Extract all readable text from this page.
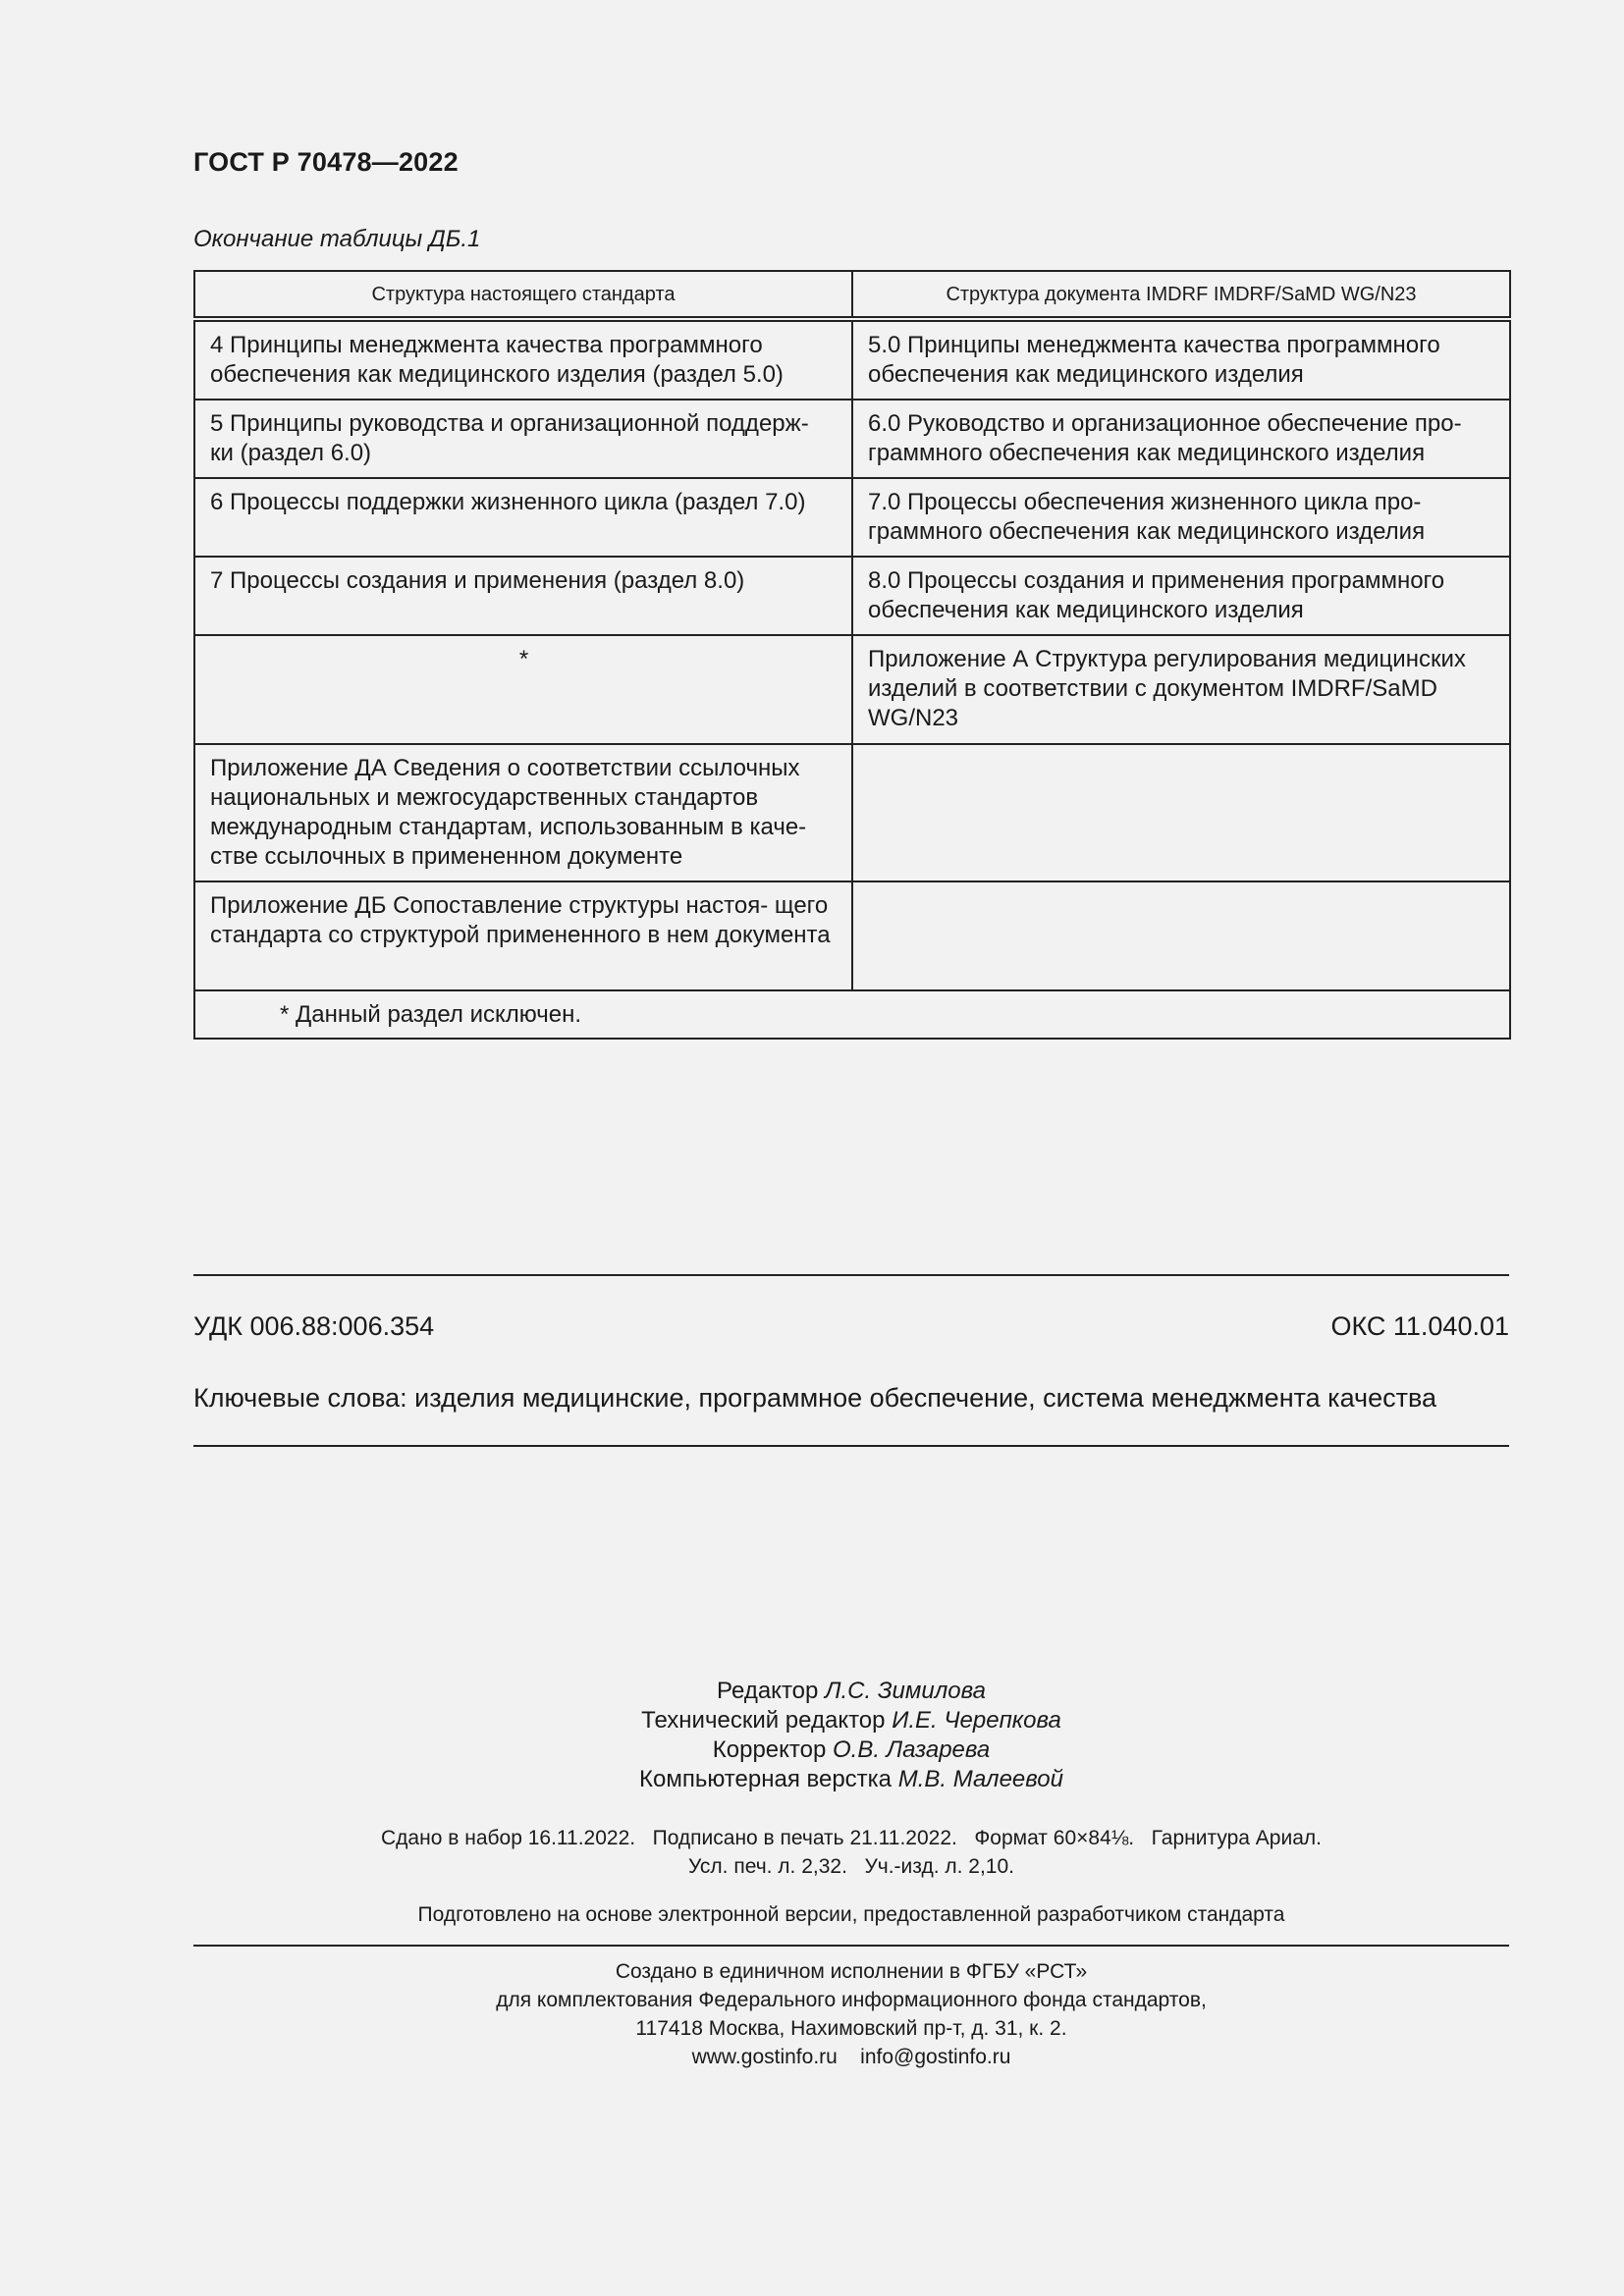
ГОСТ Р 70478—2022
Окончание таблицы ДБ.1
Структура настоящего стандарта	Структура документа IMDRF IMDRF/SaMD WG/N23
4 Принципы менеджмента качества программного обеспечения как медицинского изделия (раздел 5.0)	5.0 Принципы менеджмента качества программного обеспечения как медицинского изделия
5 Принципы руководства и организационной поддерж- ки (раздел 6.0)	6.0 Руководство и организационное обеспечение про- граммного обеспечения как медицинского изделия
6 Процессы поддержки жизненного цикла (раздел 7.0)	7.0 Процессы обеспечения жизненного цикла про- граммного обеспечения как медицинского изделия
7 Процессы создания и применения (раздел 8.0)	8.0 Процессы создания и применения программного обеспечения как медицинского изделия
*	Приложение А Структура регулирования медицинских изделий в соответствии с документом IMDRF/SaMD WG/N23
Приложение ДА Сведения о соответствии ссылочных национальных и межгосударственных стандартов международным стандартам, использованным в каче- стве ссылочных в примененном документе	
Приложение ДБ Сопоставление структуры настоя- щего стандарта со структурой примененного в нем документа	
* Данный раздел исключен.	
УДК 006.88:006.354	ОКС 11.040.01
Ключевые слова: изделия медицинские, программное обеспечение, система менеджмента качества
Редактор Л.С. Зимилова
Технический редактор И.Е. Черепкова
Корректор О.В. Лазарева
Компьютерная верстка М.В. Малеевой
Сдано в набор 16.11.2022.   Подписано в печать 21.11.2022.   Формат 60×84⅛.   Гарнитура Ариал.
Усл. печ. л. 2,32.   Уч.-изд. л. 2,10.
Подготовлено на основе электронной версии, предоставленной разработчиком стандарта
Создано в единичном исполнении в ФГБУ «РСТ»
для комплектования Федерального информационного фонда стандартов,
117418 Москва, Нахимовский пр-т, д. 31, к. 2.
www.gostinfo.ru    info@gostinfo.ru
